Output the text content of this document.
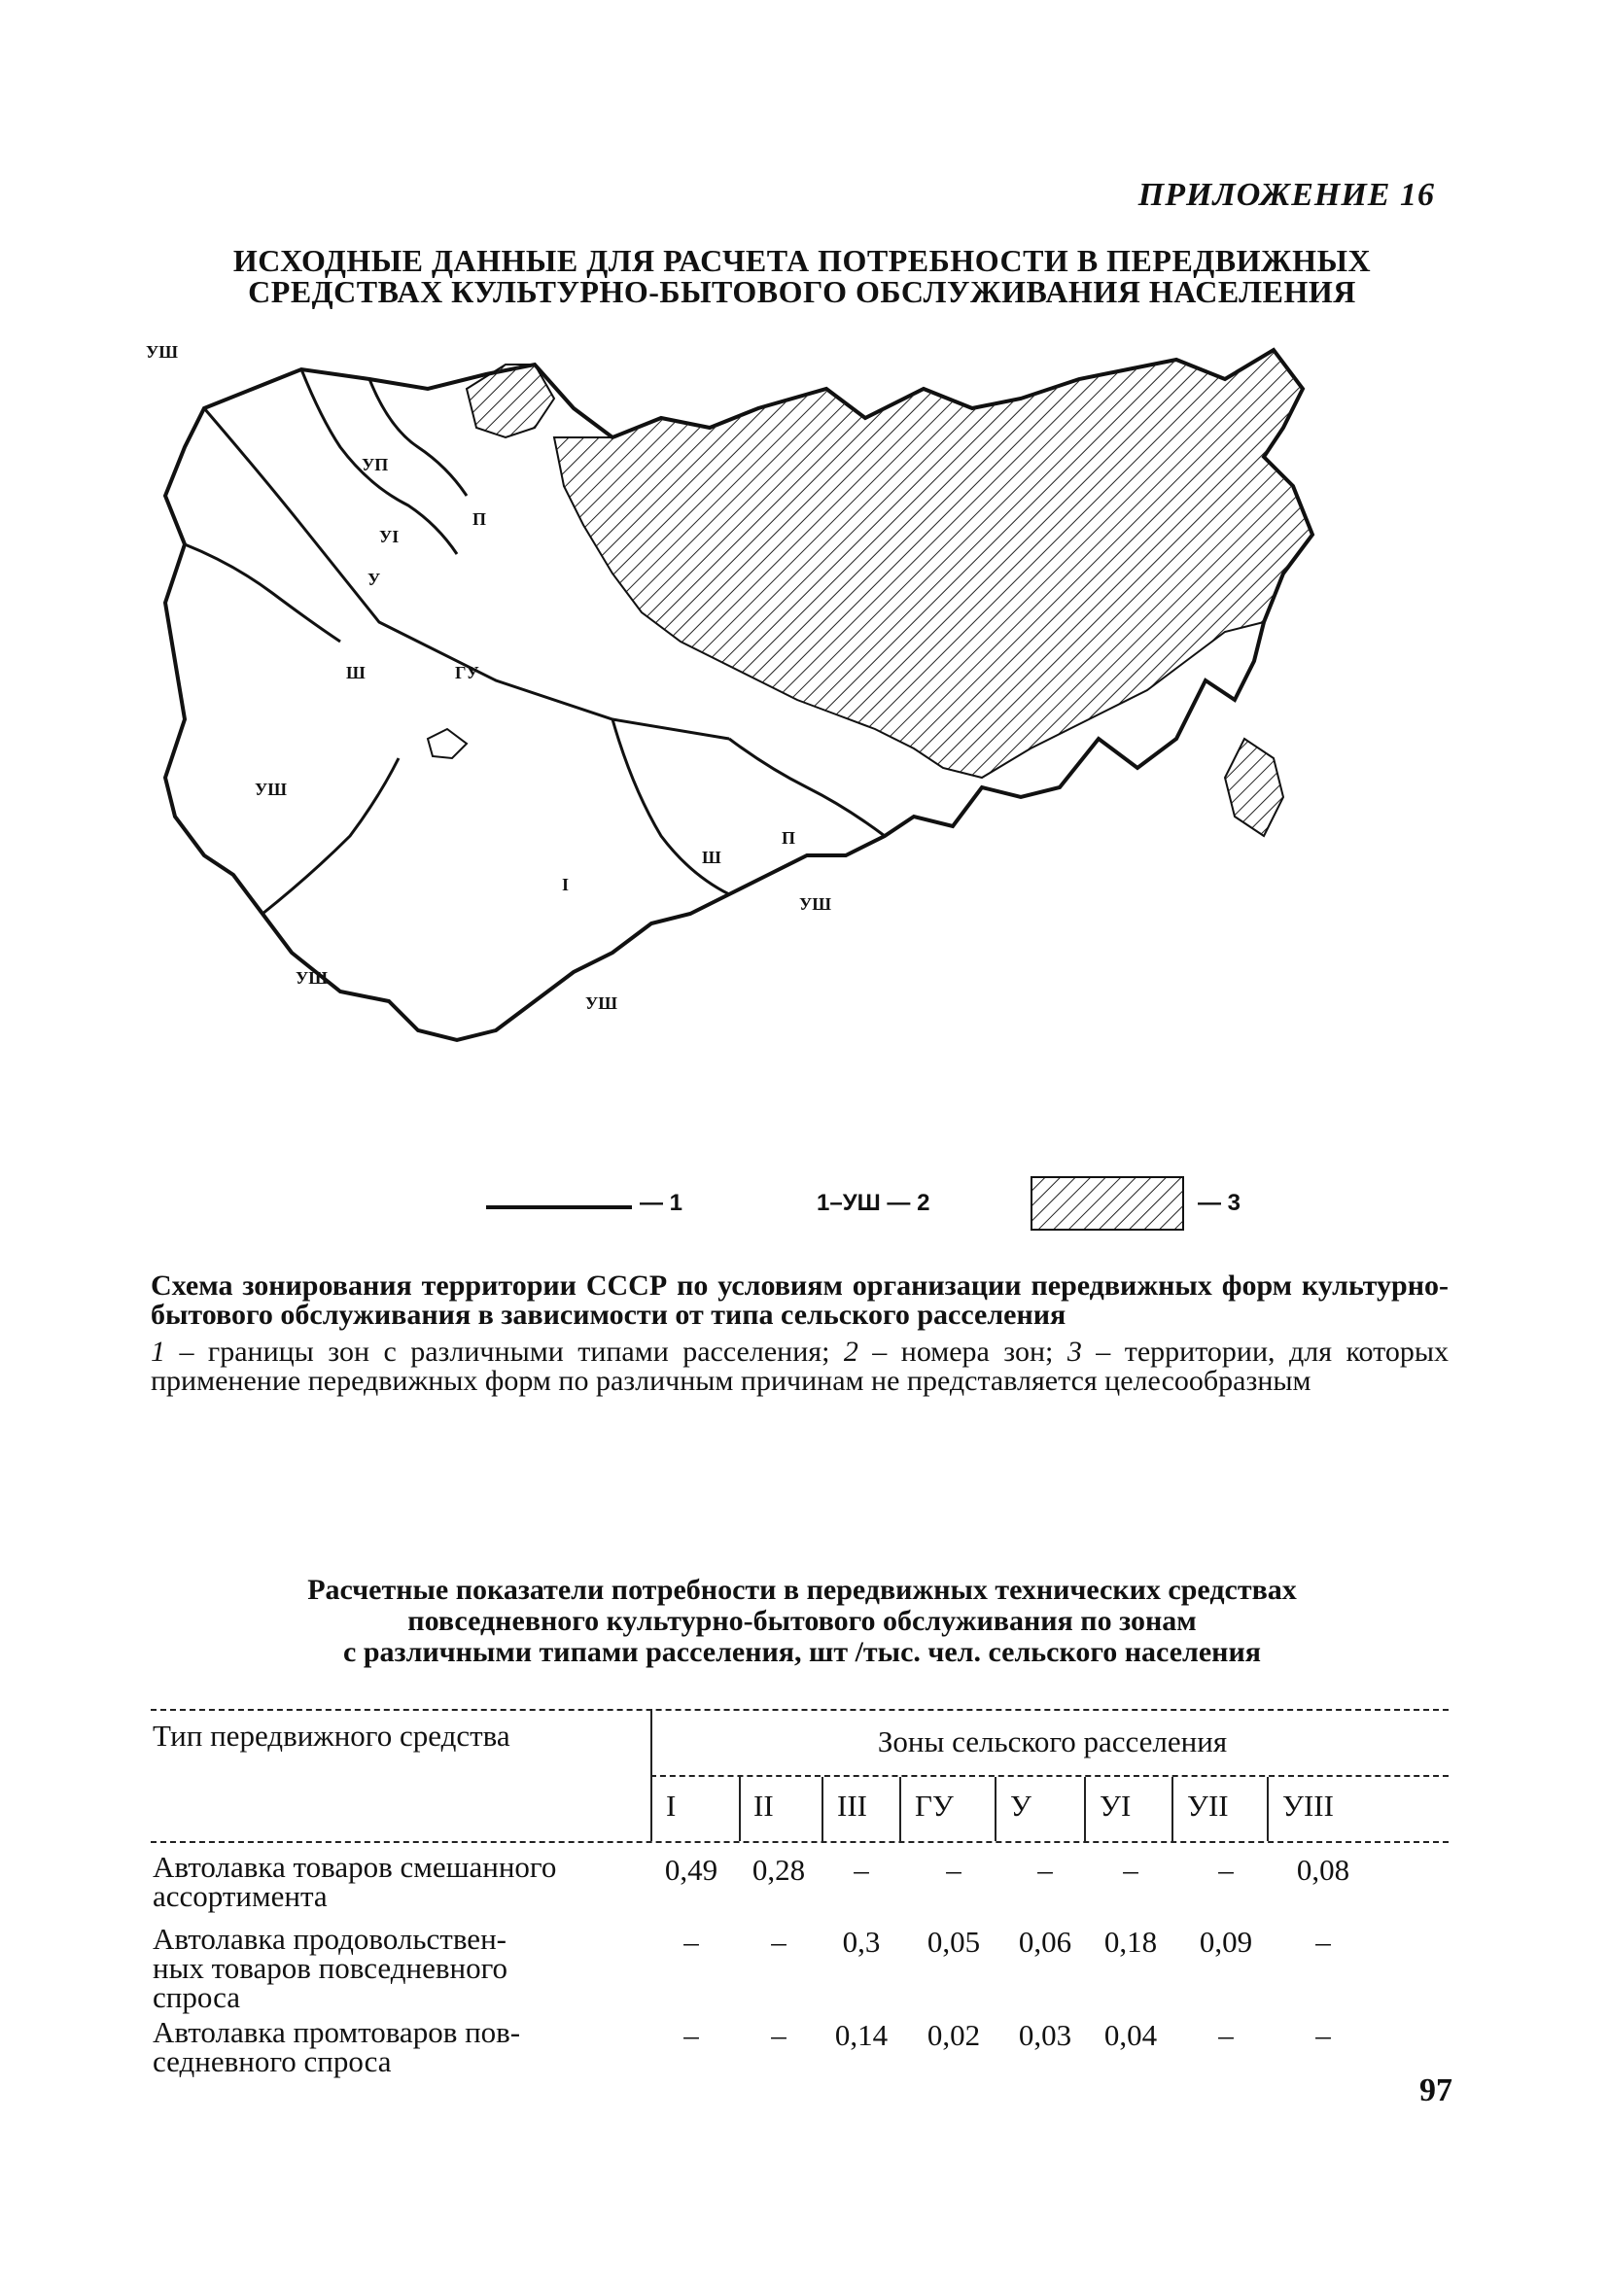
ПРИЛОЖЕНИЕ 16
ИСХОДНЫЕ ДАННЫЕ ДЛЯ РАСЧЕТА ПОТРЕБНОСТИ В ПЕРЕДВИЖНЫХ
СРЕДСТВАХ КУЛЬТУРНО-БЫТОВОГО ОБСЛУЖИВАНИЯ НАСЕЛЕНИЯ
УШ
УП
УI
П
У
ГУ
Ш
УШ
I
Ш
П
УШ
УШ
УШ
— 1	1–УШ — 2	— 3
Схема зонирования территории СССР по условиям организации передвижных форм культурно-бытового обслуживания в зависимости от типа сельского расселения
1 – границы зон с различными типами расселения; 2 – номера зон; 3 – территории, для которых применение передвижных форм по различным причинам не представляется целесообразным
Расчетные показатели потребности в передвижных технических средствах
повседневного культурно-бытового обслуживания по зонам
с различными типами расселения, шт /тыс. чел. сельского населения
Тип передвижного средства	Зоны сельского расселения
I	II III ГУ У УI УII УIII
Автолавка товаров смешанного
ассортимента
0,49 0,28	–	–	–	–	–	0,08
Автолавка продовольствен-
ных товаров повседневного
спроса
–	–	0,3	0,05 0,06 0,18 0,09	–
Автолавка промтоваров пов-
седневного спроса
–	–	0,14 0,02 0,03 0,04	–	–
97
